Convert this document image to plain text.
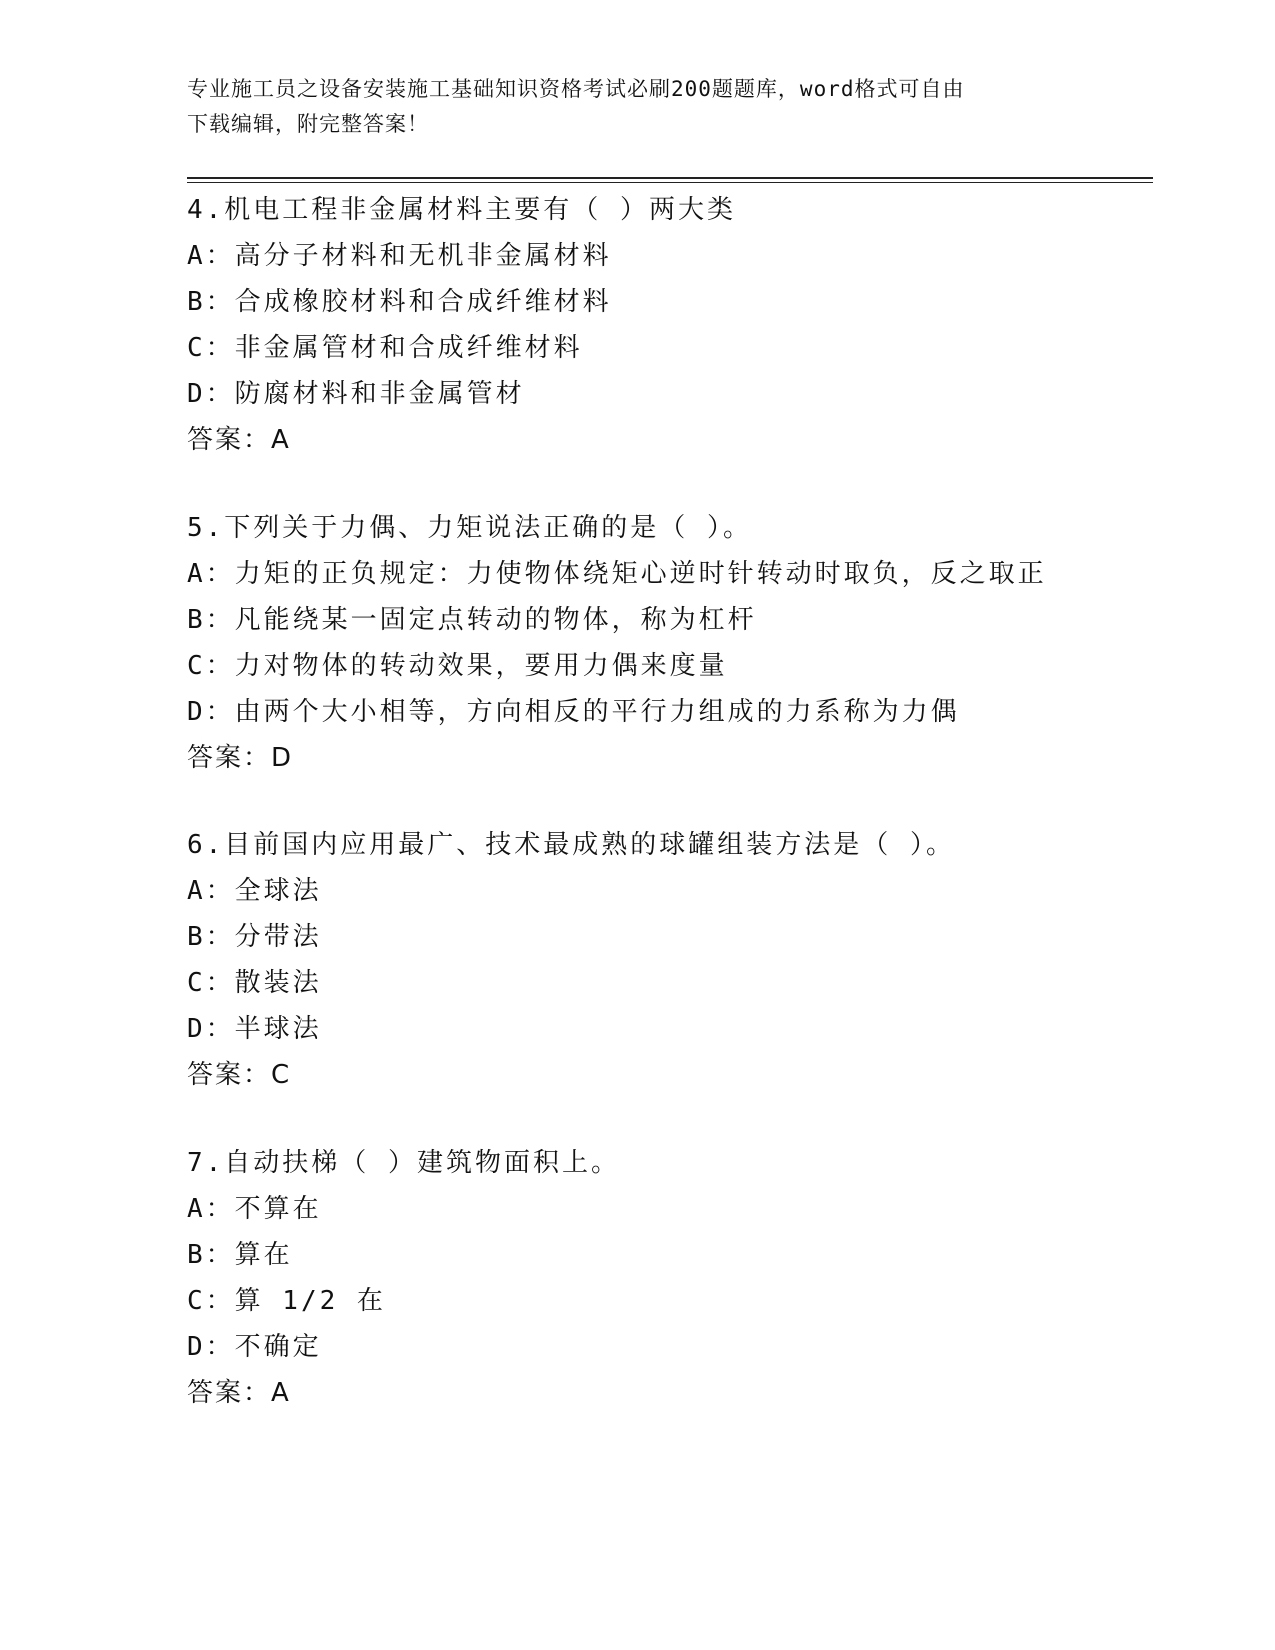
专业施工员之设备安装施工基础知识资格考试必刷200题题库，word格式可自由
下载编辑，附完整答案！
4.机电工程非金属材料主要有（ ）两大类
A：高分子材料和无机非金属材料
B：合成橡胶材料和合成纤维材料
C：非金属管材和合成纤维材料
D：防腐材料和非金属管材
答案：A
5.下列关于力偶、力矩说法正确的是（ ）。
A：力矩的正负规定：力使物体绕矩心逆时针转动时取负，反之取正
B：凡能绕某一固定点转动的物体，称为杠杆
C：力对物体的转动效果，要用力偶来度量
D：由两个大小相等，方向相反的平行力组成的力系称为力偶
答案：D
6.目前国内应用最广、技术最成熟的球罐组装方法是（ ）。
A：全球法
B：分带法
C：散装法
D：半球法
答案：C
7.自动扶梯（ ）建筑物面积上。
A：不算在
B：算在
C：算 1/2 在
D：不确定
答案：A
